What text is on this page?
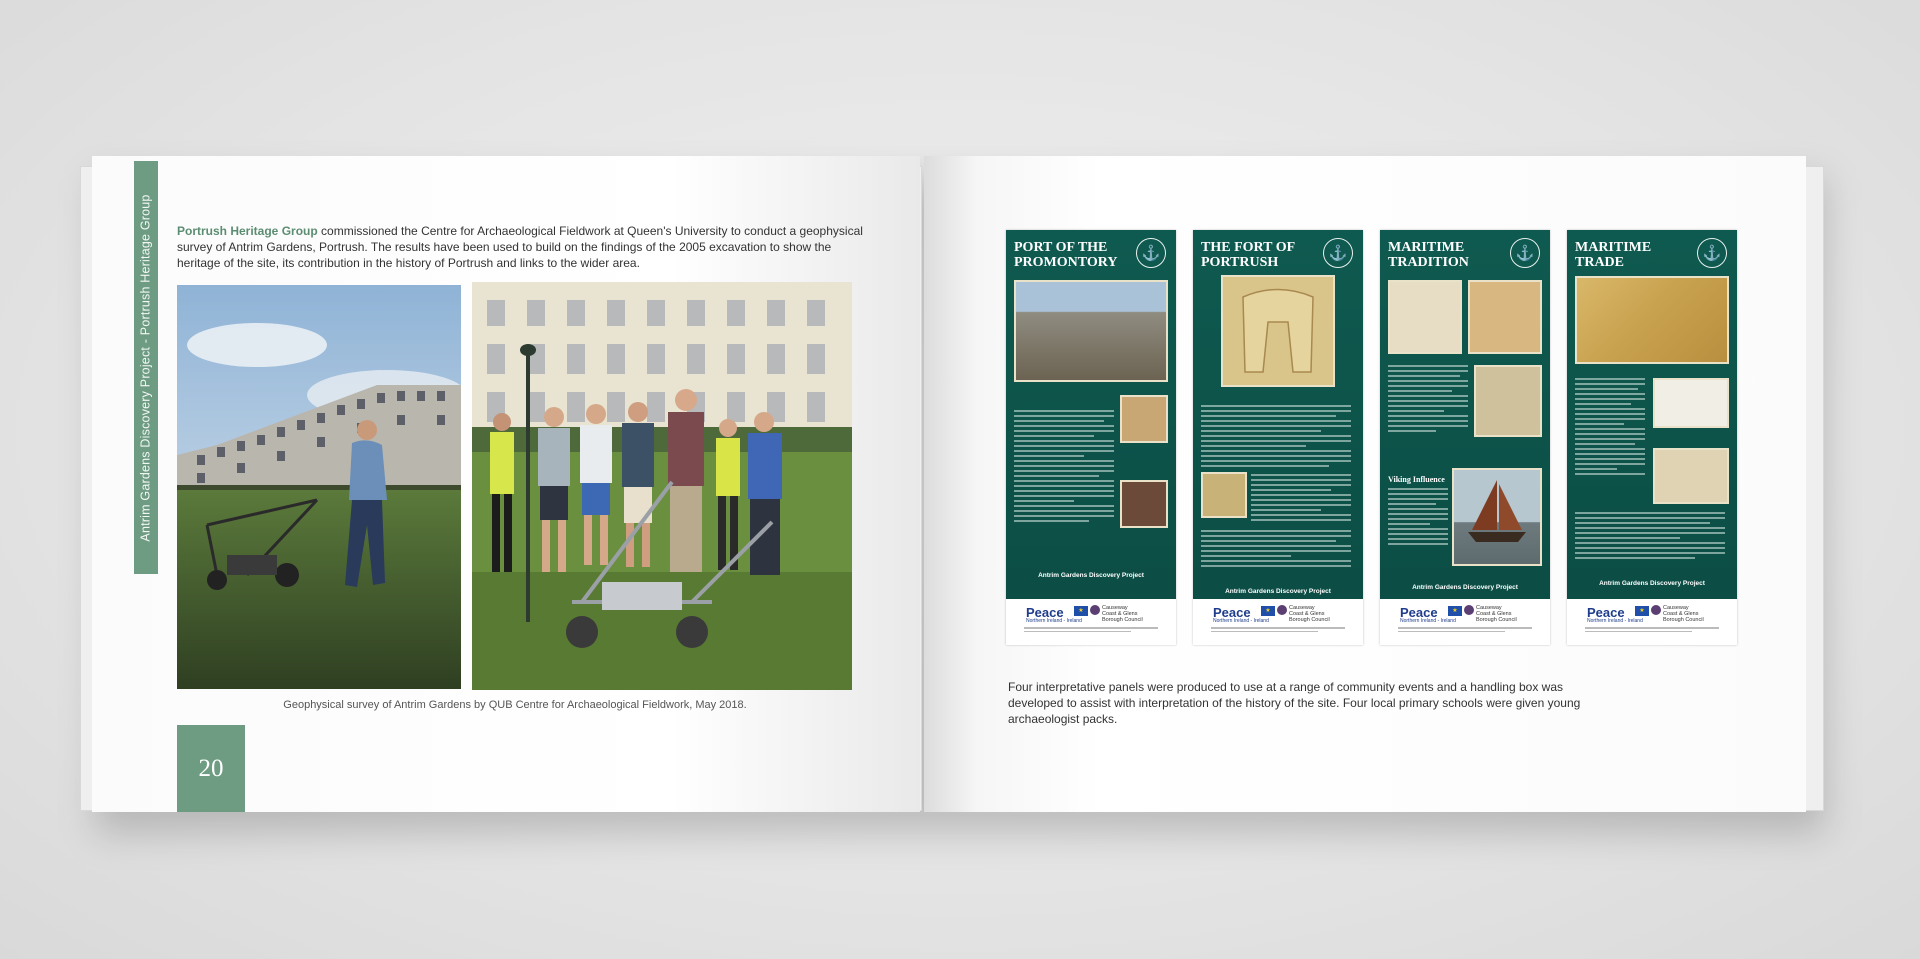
Antrim Gardens Discovery Project - Portrush Heritage Group Portrush Heritage Group commissioned the Centre for Archaeological Fieldwork at Queen's University to conduct a geophysical survey of Antrim Gardens, Portrush. The results have been used to build on the findings of the 2005 excavation to show the heritage of the site, its contribution in the history of Portrush and links to the wider area.

Geophysical survey of Antrim Gardens by QUB Centre for Archaeological Fieldwork, May 2018.
20
PORT OF THE PROMONTORY
⚓
Antrim Gardens Discovery Project
Peace
Northern Ireland - Ireland
★	Causeway
Coast & Glens
Borough Council
THE FORT OF PORTRUSH
⚓
Antrim Gardens Discovery Project
Peace
Northern Ireland - Ireland
★	Causeway
Coast & Glens
Borough Council
MARITIME TRADITION
⚓
Viking Influence
Antrim Gardens Discovery Project
Peace
Northern Ireland - Ireland
★	Causeway
Coast & Glens
Borough Council
MARITIME TRADE
⚓
Antrim Gardens Discovery Project
Peace
Northern Ireland - Ireland
★	Causeway
Coast & Glens
Borough Council

Four interpretative panels were produced to use at a range of community events and a handling box was developed to assist with interpretation of the history of the site. Four local primary schools were given young archaeologist packs.
